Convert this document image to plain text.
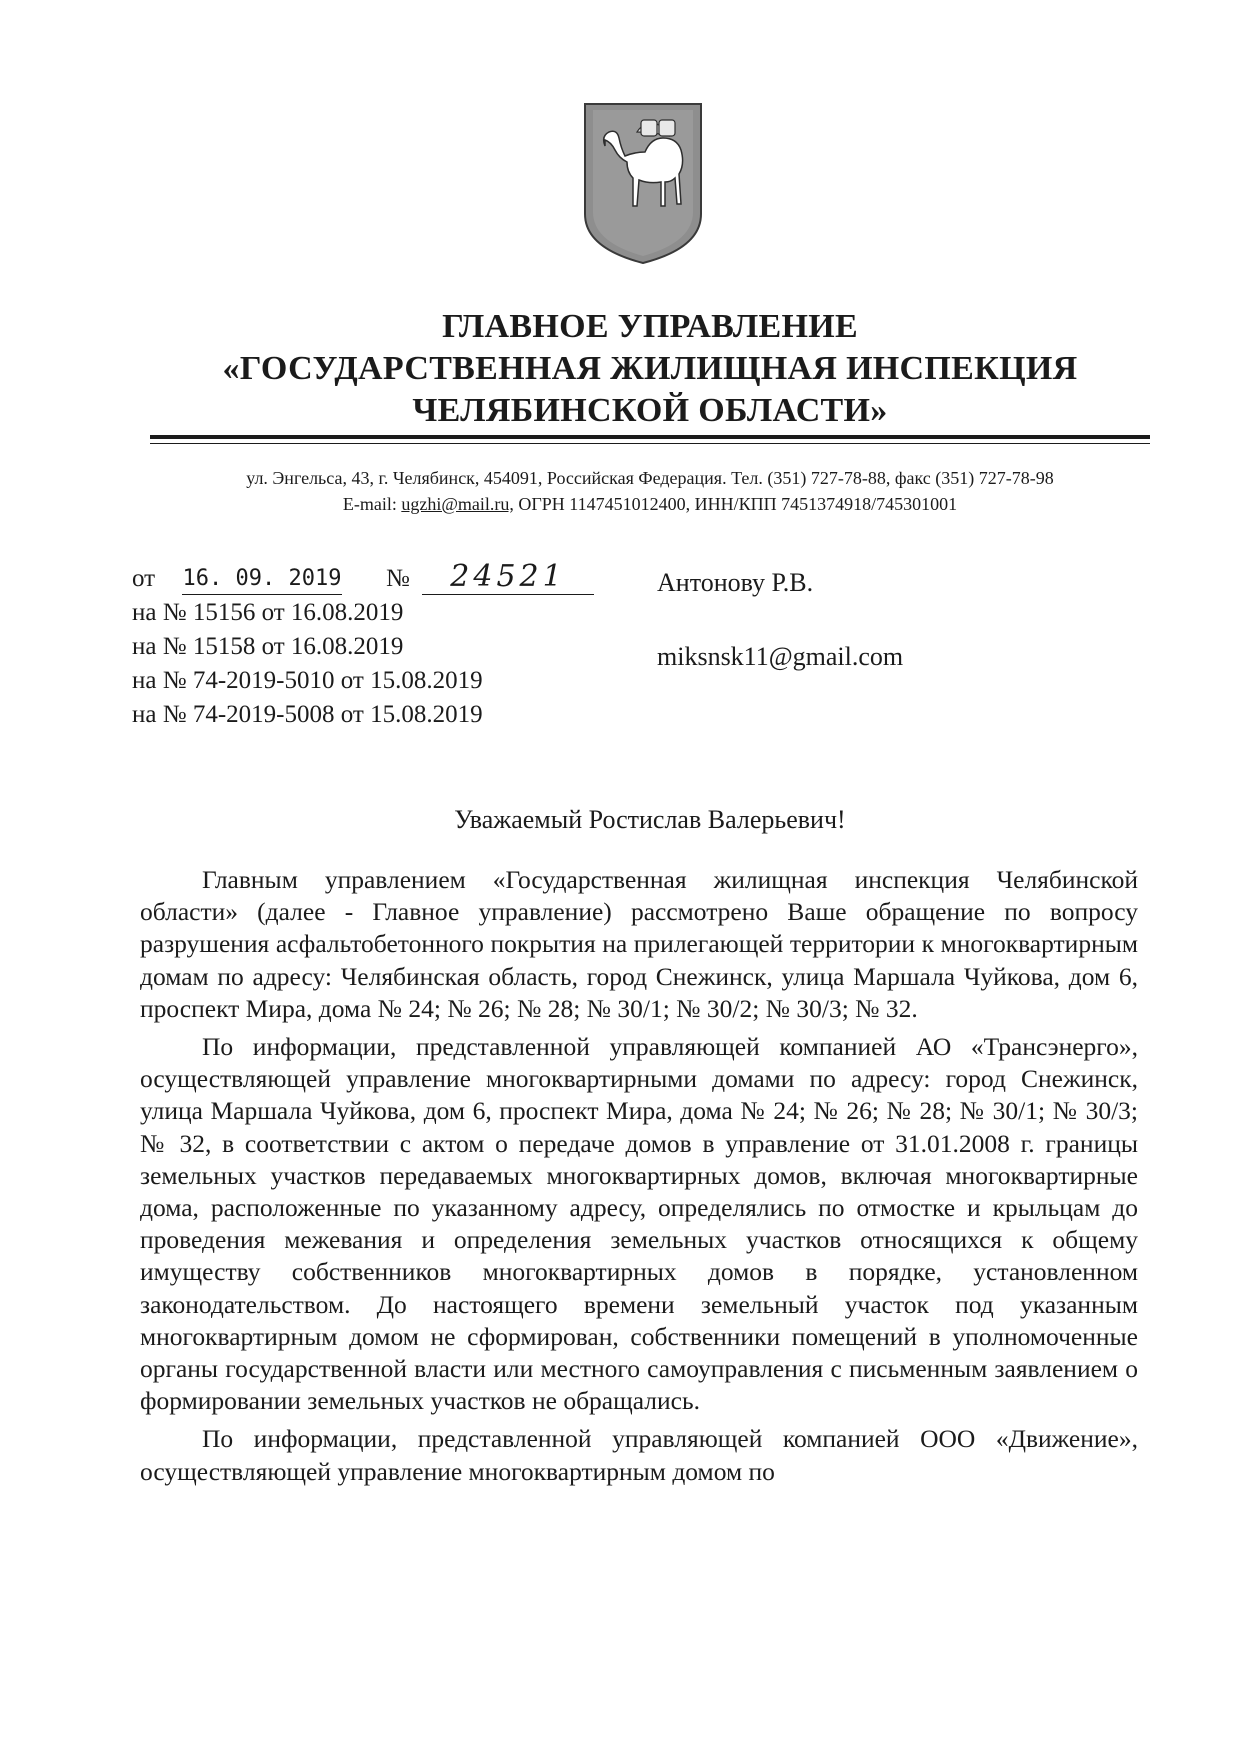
ГЛАВНОЕ УПРАВЛЕНИЕ
«ГОСУДАРСТВЕННАЯ ЖИЛИЩНАЯ ИНСПЕКЦИЯ
ЧЕЛЯБИНСКОЙ ОБЛАСТИ»
ул. Энгельса, 43, г. Челябинск, 454091, Российская Федерация. Тел. (351) 727-78-88, факс (351) 727-78-98
E-mail: ugzhi@mail.ru, ОГРН 1147451012400, ИНН/КПП 7451374918/745301001
от 16. 09. 2019 №	24521
на № 15156 от 16.08.2019
на № 15158 от 16.08.2019
на № 74-2019-5010 от 15.08.2019
на № 74-2019-5008 от 15.08.2019
Антонову Р.В.
miksnsk11@gmail.com
Уважаемый Ростислав Валерьевич!

Главным управлением «Государственная жилищная инспекция Челябинской области» (далее - Главное управление) рассмотрено Ваше обращение по вопросу разрушения асфальтобетонного покрытия на прилегающей территории к многоквартирным домам по адресу: Челябинская область, город Снежинск, улица Маршала Чуйкова, дом 6, проспект Мира, дома № 24; № 26; № 28; № 30/1; № 30/2; № 30/3; № 32.

По информации, представленной управляющей компанией АО «Трансэнерго», осуществляющей управление многоквартирными домами по адресу: город Снежинск, улица Маршала Чуйкова, дом 6, проспект Мира, дома № 24; № 26; № 28; № 30/1; № 30/3; № 32, в соответствии с актом о передаче домов в управление от 31.01.2008 г. границы земельных участков передаваемых многоквартирных домов, включая многоквартирные дома, расположенные по указанному адресу, определялись по отмостке и крыльцам до проведения межевания и определения земельных участков относящихся к общему имуществу собственников многоквартирных домов в порядке, установленном законодательством. До настоящего времени земельный участок под указанным многоквартирным домом не сформирован, собственники помещений в уполномоченные органы государственной власти или местного самоуправления с письменным заявлением о формировании земельных участков не обращались.

По информации, представленной управляющей компанией ООО «Движение», осуществляющей управление многоквартирным домом по
